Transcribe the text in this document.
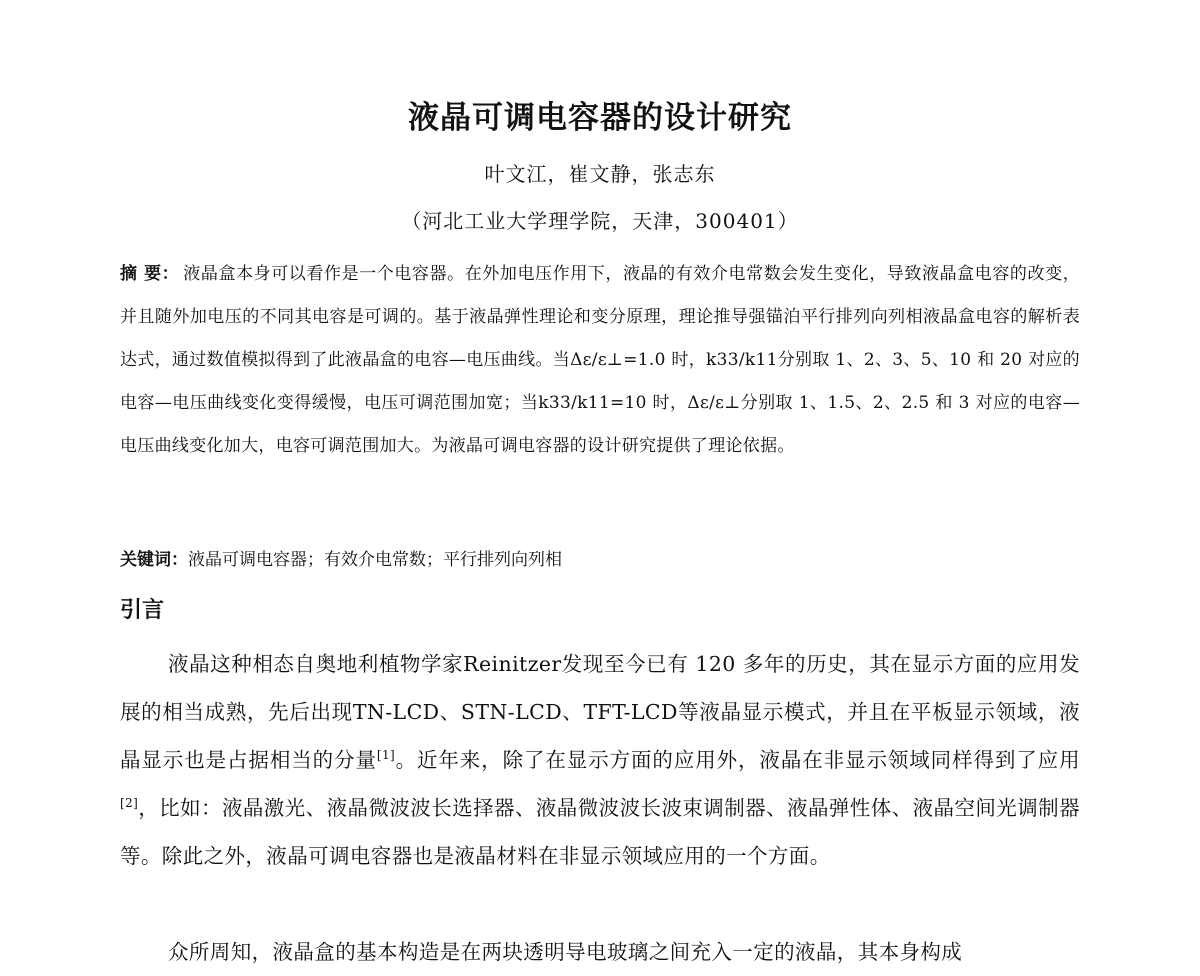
液晶可调电容器的设计研究
叶文江，崔文静，张志东
（河北工业大学理学院，天津，300401）
摘 要： 液晶盒本身可以看作是一个电容器。在外加电压作用下，液晶的有效介电常数会发生变化，导致液晶盒电容的改变，并且随外加电压的不同其电容是可调的。基于液晶弹性理论和变分原理，理论推导强锚泊平行排列向列相液晶盒电容的解析表达式，通过数值模拟得到了此液晶盒的电容—电压曲线。当Δε/ε⊥=1.0 时，k33/k11分别取 1、2、3、5、10 和 20 对应的电容—电压曲线变化变得缓慢，电压可调范围加宽；当k33/k11=10 时，Δε/ε⊥分别取 1、1.5、2、2.5 和 3 对应的电容—电压曲线变化加大，电容可调范围加大。为液晶可调电容器的设计研究提供了理论依据。
关键词：液晶可调电容器；有效介电常数；平行排列向列相
引言
液晶这种相态自奥地利植物学家Reinitzer发现至今已有 120 多年的历史，其在显示方面的应用发展的相当成熟，先后出现TN-LCD、STN-LCD、TFT-LCD等液晶显示模式，并且在平板显示领域，液晶显示也是占据相当的分量[1]。近年来，除了在显示方面的应用外，液晶在非显示领域同样得到了应用[2]，比如：液晶激光、液晶微波波长选择器、液晶微波波长波束调制器、液晶弹性体、液晶空间光调制器等。除此之外，液晶可调电容器也是液晶材料在非显示领域应用的一个方面。
众所周知，液晶盒的基本构造是在两块透明导电玻璃之间充入一定的液晶，其本身构成
